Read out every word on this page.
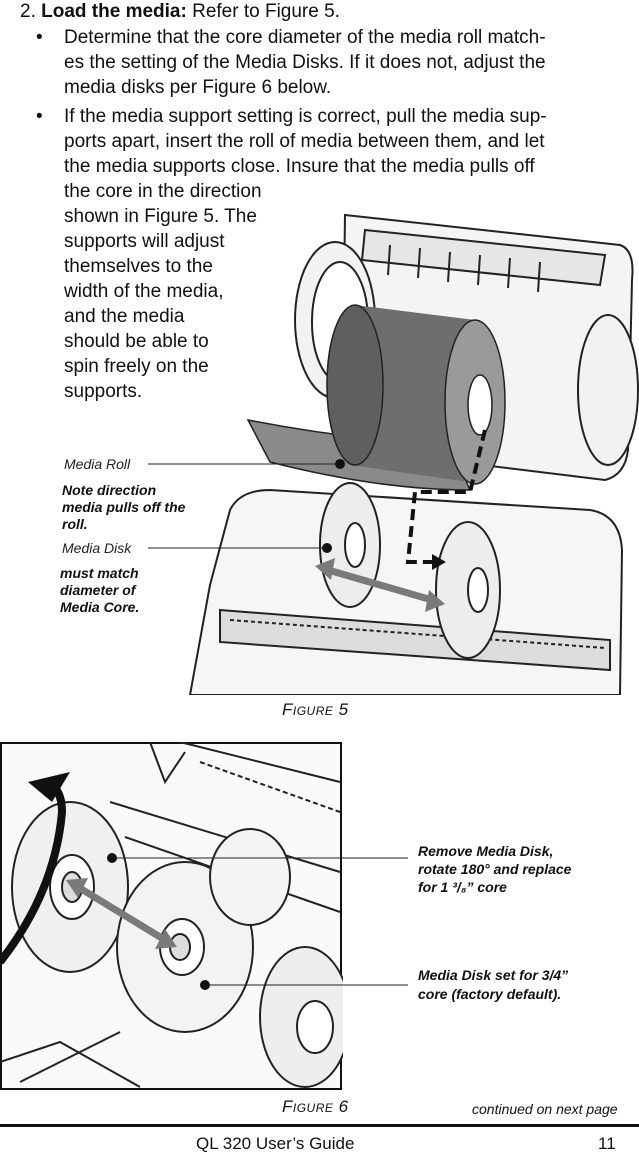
2. Load the media: Refer to Figure 5.
• Determine that the core diameter of the media roll match-
es the setting of the Media Disks. If it does not, adjust the
media disks per Figure 6 below.
• If the media support setting is correct, pull the media sup-
ports apart, insert the roll of media between them, and let
the media supports close. Insure that the media pulls off
the core in the direction
shown in Figure 5. The
supports will adjust
themselves to the
width of the media,
and the media
should be able to
spin freely on the
supports.
Media Roll
Note direction
media pulls off the
roll.
Media Disk
must match
diameter of
Media Core.
Figure 5
Remove Media Disk,
rotate 180° and replace
for 1 ³/₈” core
Media Disk set for 3/4”
core (factory default).
Figure 6	continued on next page
QL 320 User’s Guide	11
